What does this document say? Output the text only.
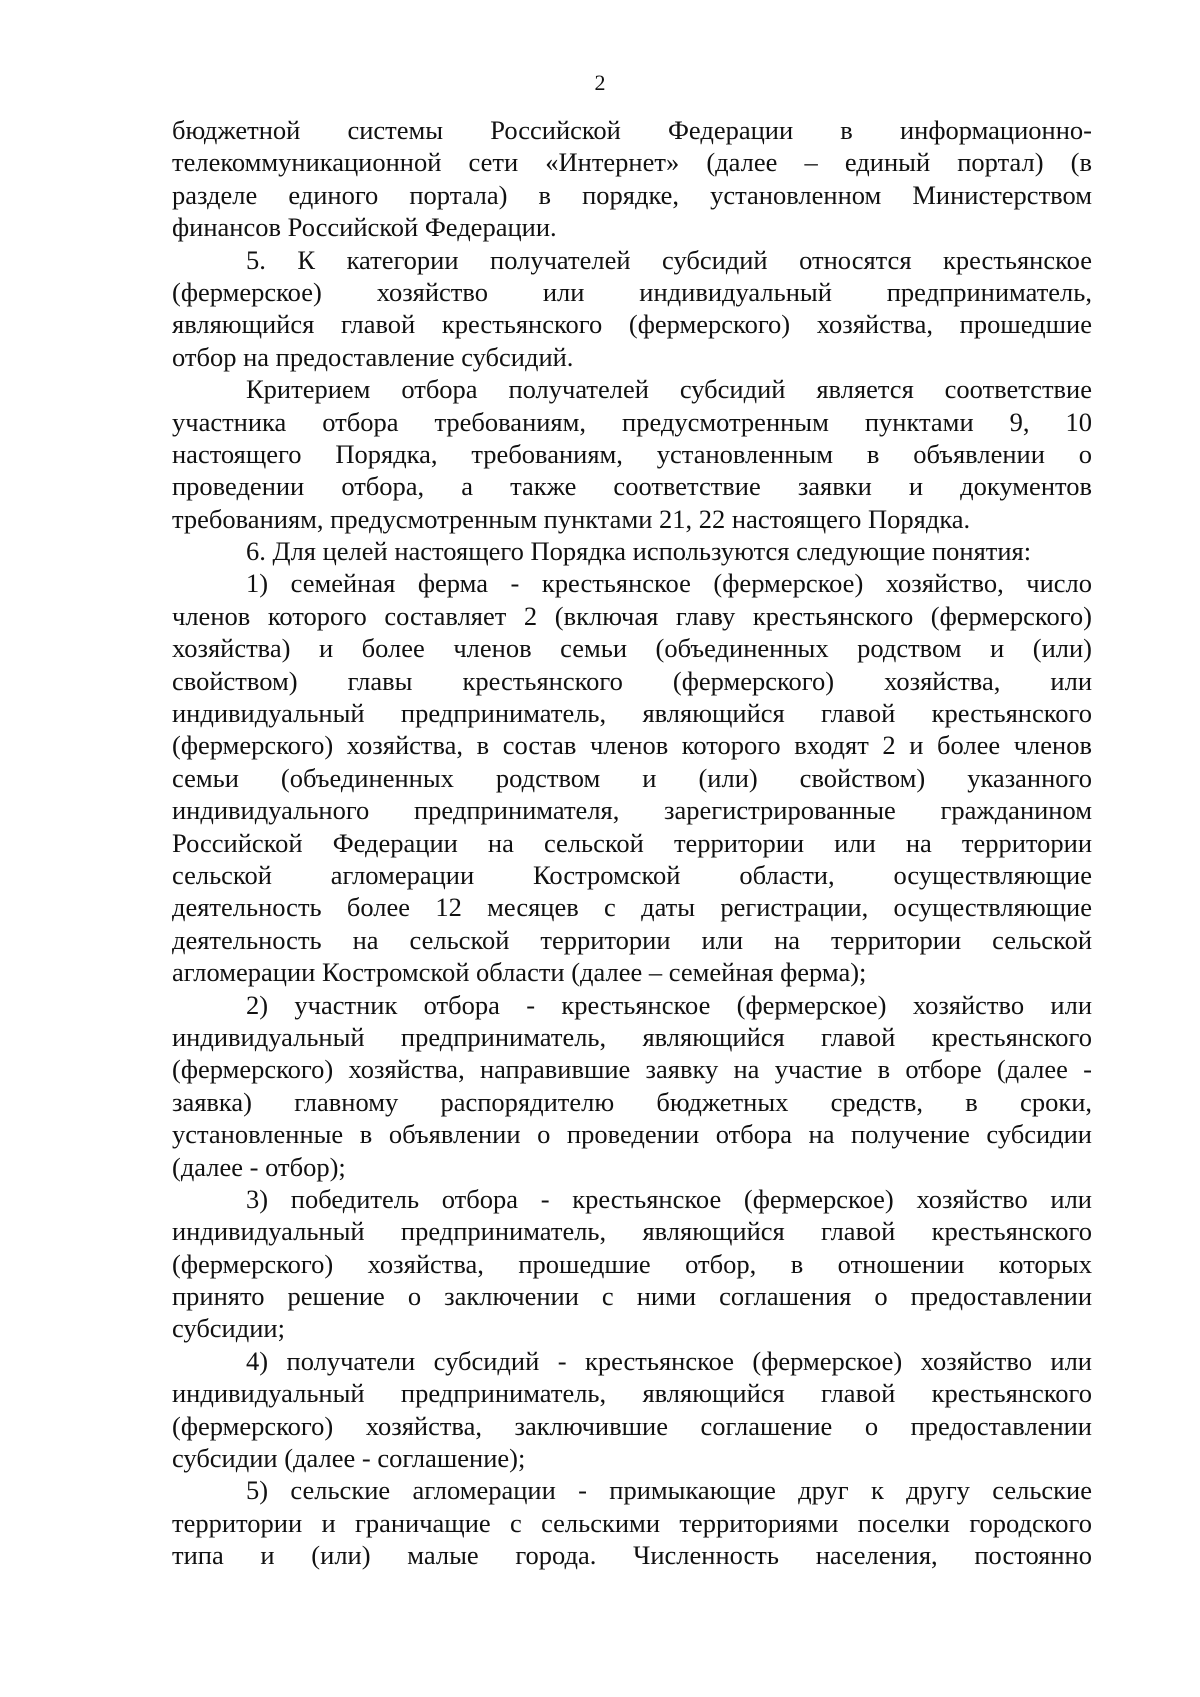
2
бюджетной системы Российской Федерации в информационно-
телекоммуникационной сети «Интернет» (далее – единый портал) (в
разделе единого портала) в порядке, установленном Министерством
финансов Российской Федерации.
5. К категории получателей субсидий относятся крестьянское
(фермерское) хозяйство или индивидуальный предприниматель,
являющийся главой крестьянского (фермерского) хозяйства, прошедшие
отбор на предоставление субсидий.
Критерием отбора получателей субсидий является соответствие
участника отбора требованиям, предусмотренным пунктами 9, 10
настоящего Порядка, требованиям, установленным в объявлении о
проведении отбора, а также соответствие заявки и документов
требованиям, предусмотренным пунктами 21, 22 настоящего Порядка.
6. Для целей настоящего Порядка используются следующие понятия:
1) семейная ферма - крестьянское (фермерское) хозяйство, число
членов которого составляет 2 (включая главу крестьянского (фермерского)
хозяйства) и более членов семьи (объединенных родством и (или)
свойством) главы крестьянского (фермерского) хозяйства, или
индивидуальный предприниматель, являющийся главой крестьянского
(фермерского) хозяйства, в состав членов которого входят 2 и более членов
семьи (объединенных родством и (или) свойством) указанного
индивидуального предпринимателя, зарегистрированные гражданином
Российской Федерации на сельской территории или на территории
сельской агломерации Костромской области, осуществляющие
деятельность более 12 месяцев с даты регистрации, осуществляющие
деятельность на сельской территории или на территории сельской
агломерации Костромской области (далее – семейная ферма);
2) участник отбора - крестьянское (фермерское) хозяйство или
индивидуальный предприниматель, являющийся главой крестьянского
(фермерского) хозяйства, направившие заявку на участие в отборе (далее -
заявка) главному распорядителю бюджетных средств, в сроки,
установленные в объявлении о проведении отбора на получение субсидии
(далее - отбор);
3) победитель отбора - крестьянское (фермерское) хозяйство или
индивидуальный предприниматель, являющийся главой крестьянского
(фермерского) хозяйства, прошедшие отбор, в отношении которых
принято решение о заключении с ними соглашения о предоставлении
субсидии;
4) получатели субсидий - крестьянское (фермерское) хозяйство или
индивидуальный предприниматель, являющийся главой крестьянского
(фермерского) хозяйства, заключившие соглашение о предоставлении
субсидии (далее - соглашение);
5) сельские агломерации - примыкающие друг к другу сельские
территории и граничащие с сельскими территориями поселки городского
типа и (или) малые города. Численность населения, постоянно
